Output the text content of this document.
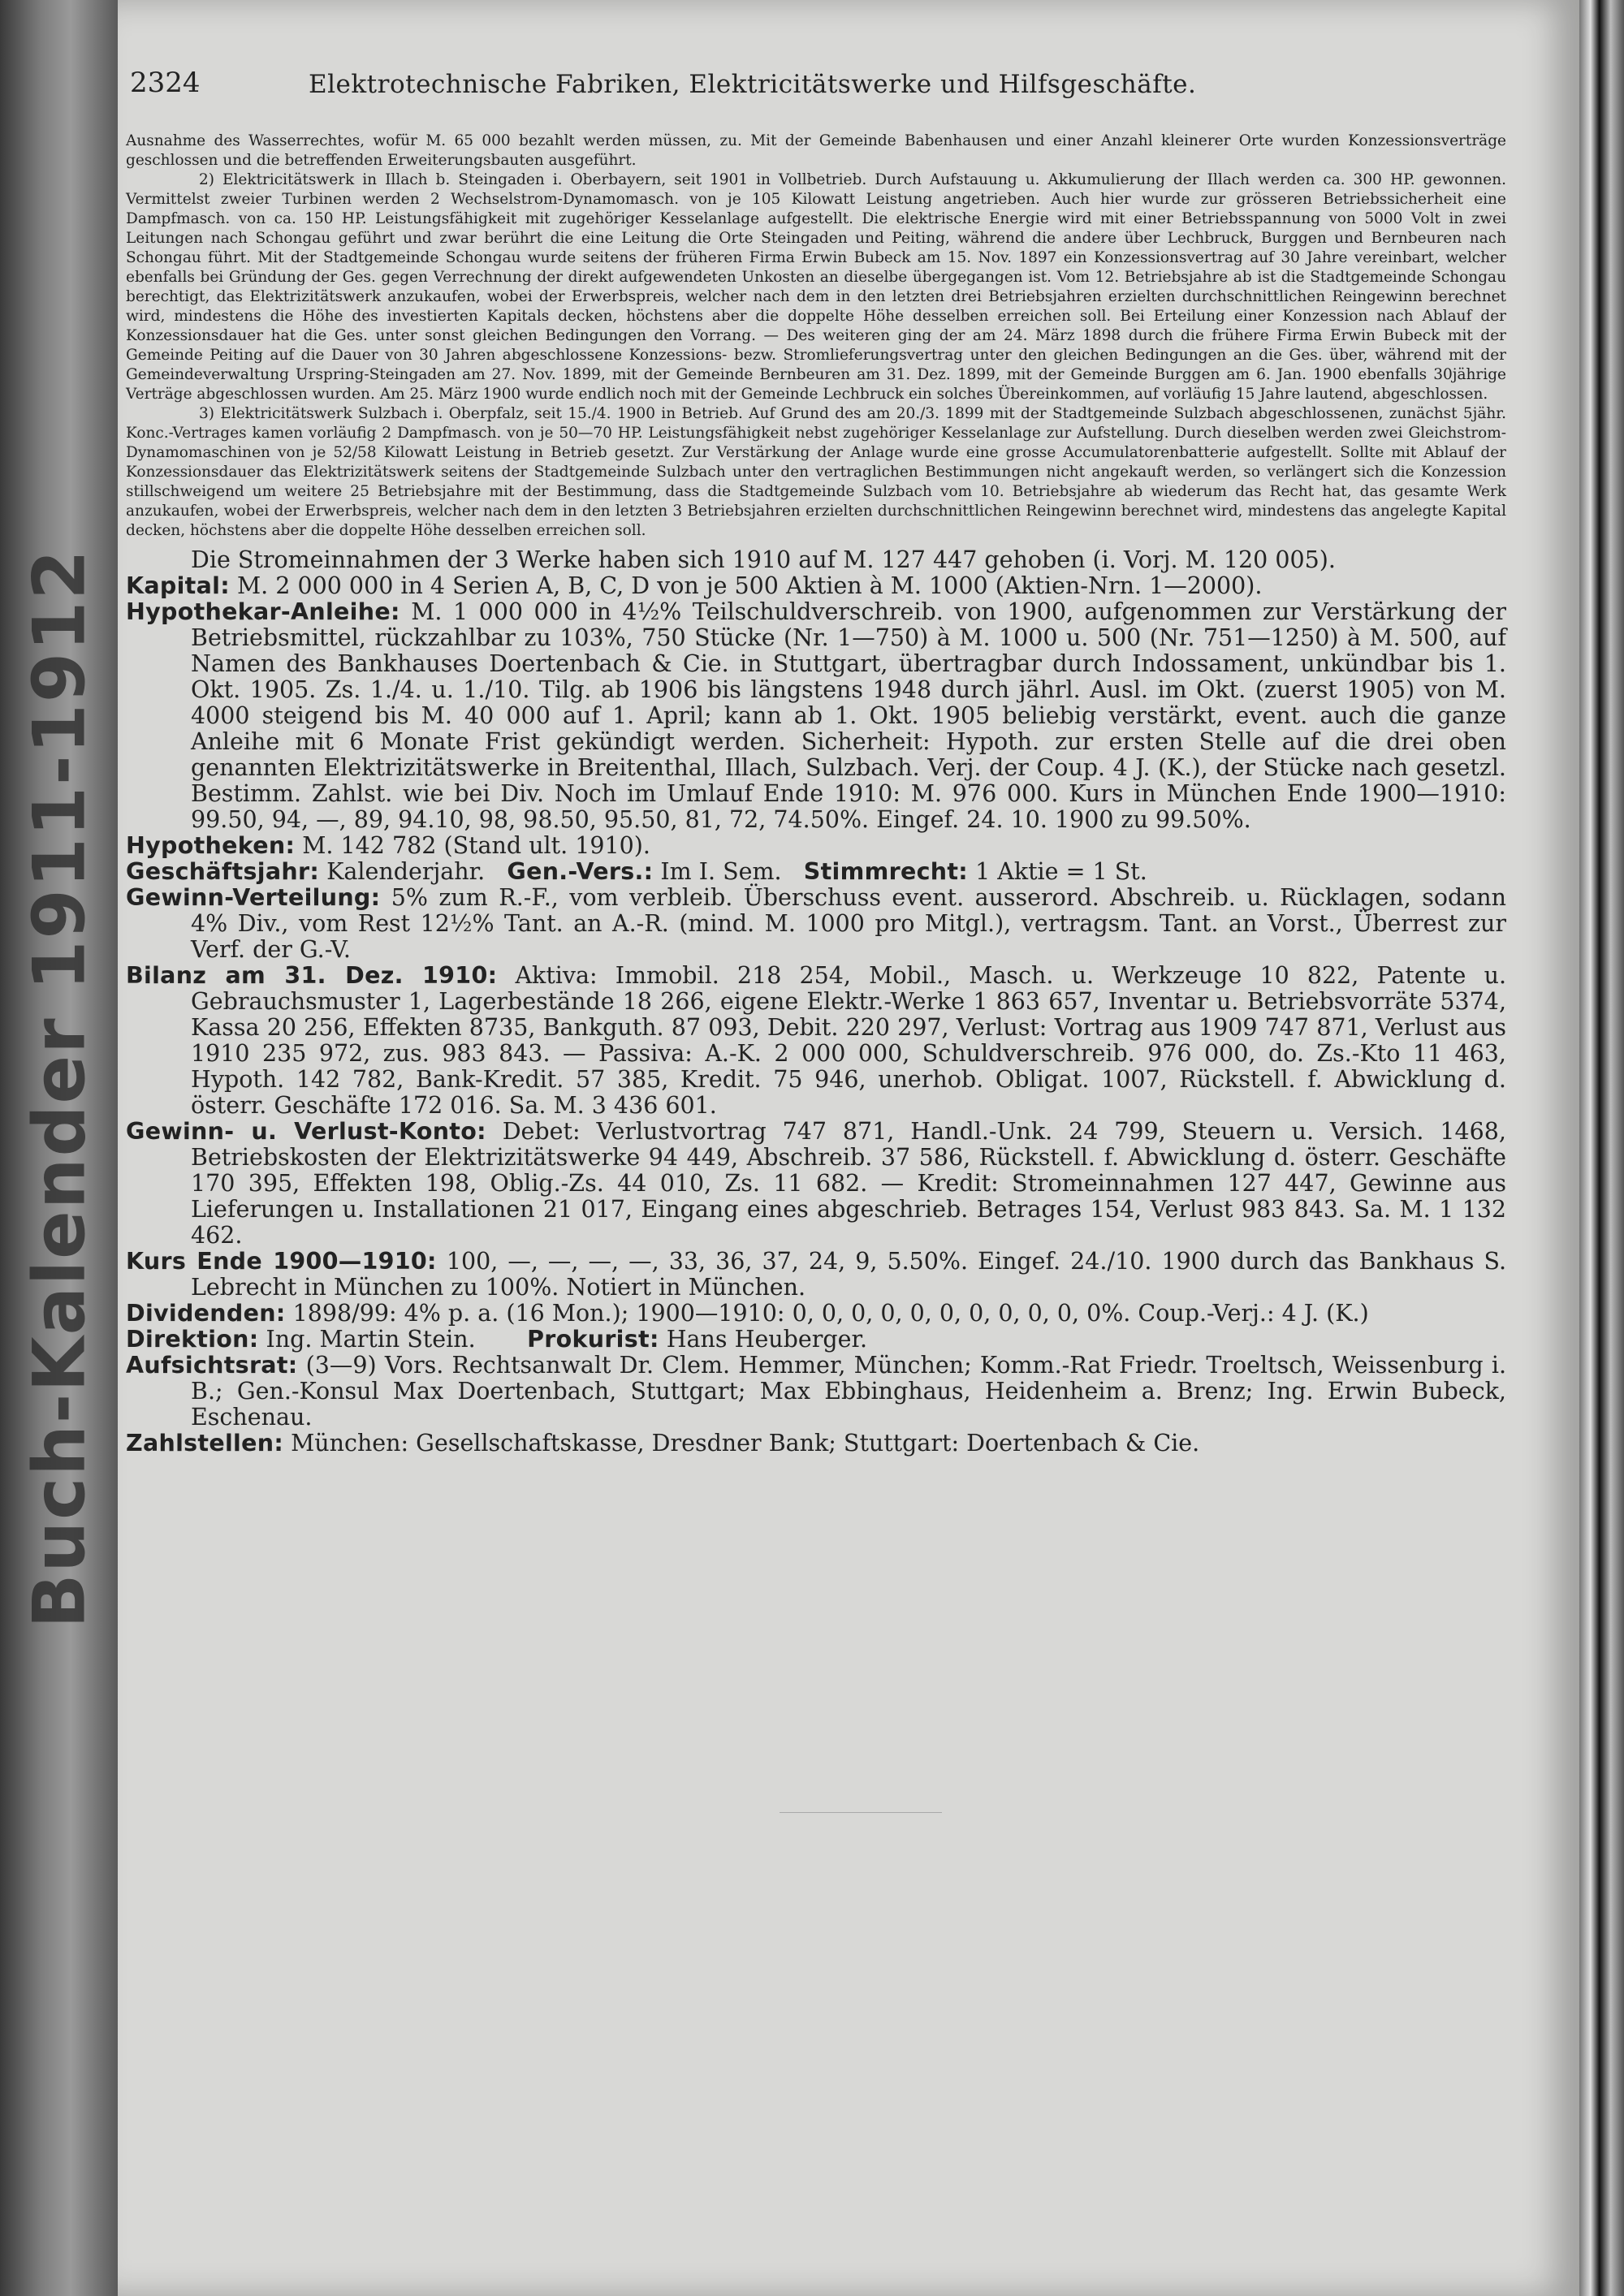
Buch-Kalender 1911-1912
2324	Elektrotechnische Fabriken, Elektricitätswerke und Hilfsgeschäfte.

Ausnahme des Wasserrechtes, wofür M. 65 000 bezahlt werden müssen, zu. Mit der Gemeinde Babenhausen und einer Anzahl kleinerer Orte wurden Konzessionsverträge geschlossen und die betreffenden Erweiterungsbauten ausgeführt.

2) Elektricitätswerk in Illach b. Steingaden i. Oberbayern, seit 1901 in Vollbetrieb. Durch Aufstauung u. Akkumulierung der Illach werden ca. 300 HP. gewonnen. Vermittelst zweier Turbinen werden 2 Wechselstrom-Dynamomasch. von je 105 Kilowatt Leistung angetrieben. Auch hier wurde zur grösseren Betriebssicherheit eine Dampfmasch. von ca. 150 HP. Leistungsfähigkeit mit zugehöriger Kesselanlage aufgestellt. Die elektrische Energie wird mit einer Betriebsspannung von 5000 Volt in zwei Leitungen nach Schongau geführt und zwar berührt die eine Leitung die Orte Steingaden und Peiting, während die andere über Lechbruck, Burggen und Bernbeuren nach Schongau führt. Mit der Stadtgemeinde Schongau wurde seitens der früheren Firma Erwin Bubeck am 15. Nov. 1897 ein Konzessionsvertrag auf 30 Jahre vereinbart, welcher ebenfalls bei Gründung der Ges. gegen Verrechnung der direkt aufgewendeten Unkosten an dieselbe übergegangen ist. Vom 12. Betriebsjahre ab ist die Stadtgemeinde Schongau berechtigt, das Elektrizitätswerk anzukaufen, wobei der Erwerbspreis, welcher nach dem in den letzten drei Betriebsjahren erzielten durchschnittlichen Reingewinn berechnet wird, mindestens die Höhe des investierten Kapitals decken, höchstens aber die doppelte Höhe desselben erreichen soll. Bei Erteilung einer Konzession nach Ablauf der Konzessionsdauer hat die Ges. unter sonst gleichen Bedingungen den Vorrang. — Des weiteren ging der am 24. März 1898 durch die frühere Firma Erwin Bubeck mit der Gemeinde Peiting auf die Dauer von 30 Jahren abgeschlossene Konzessions- bezw. Stromlieferungsvertrag unter den gleichen Bedingungen an die Ges. über, während mit der Gemeindeverwaltung Urspring-Steingaden am 27. Nov. 1899, mit der Gemeinde Bernbeuren am 31. Dez. 1899, mit der Gemeinde Burggen am 6. Jan. 1900 ebenfalls 30jährige Verträge abgeschlossen wurden. Am 25. März 1900 wurde endlich noch mit der Gemeinde Lechbruck ein solches Übereinkommen, auf vorläufig 15 Jahre lautend, abgeschlossen.

3) Elektricitätswerk Sulzbach i. Oberpfalz, seit 15./4. 1900 in Betrieb. Auf Grund des am 20./3. 1899 mit der Stadtgemeinde Sulzbach abgeschlossenen, zunächst 5jähr. Konc.-Vertrages kamen vorläufig 2 Dampfmasch. von je 50—70 HP. Leistungsfähigkeit nebst zugehöriger Kesselanlage zur Aufstellung. Durch dieselben werden zwei Gleichstrom-Dynamomaschinen von je 52/58 Kilowatt Leistung in Betrieb gesetzt. Zur Verstärkung der Anlage wurde eine grosse Accumulatorenbatterie aufgestellt. Sollte mit Ablauf der Konzessionsdauer das Elektrizitätswerk seitens der Stadtgemeinde Sulzbach unter den vertraglichen Bestimmungen nicht angekauft werden, so verlängert sich die Konzession stillschweigend um weitere 25 Betriebsjahre mit der Bestimmung, dass die Stadtgemeinde Sulzbach vom 10. Betriebsjahre ab wiederum das Recht hat, das gesamte Werk anzukaufen, wobei der Erwerbspreis, welcher nach dem in den letzten 3 Betriebsjahren erzielten durchschnittlichen Reingewinn berechnet wird, mindestens das angelegte Kapital decken, höchstens aber die doppelte Höhe desselben erreichen soll.

Die Stromeinnahmen der 3 Werke haben sich 1910 auf M. 127 447 gehoben (i. Vorj. M. 120 005).

Kapital: M. 2 000 000 in 4 Serien A, B, C, D von je 500 Aktien à M. 1000 (Aktien-Nrn. 1—2000).

Hypothekar-Anleihe: M. 1 000 000 in 4½% Teilschuldverschreib. von 1900, aufgenommen zur Verstärkung der Betriebsmittel, rückzahlbar zu 103%, 750 Stücke (Nr. 1—750) à M. 1000 u. 500 (Nr. 751—1250) à M. 500, auf Namen des Bankhauses Doertenbach & Cie. in Stuttgart, übertragbar durch Indossament, unkündbar bis 1. Okt. 1905. Zs. 1./4. u. 1./10. Tilg. ab 1906 bis längstens 1948 durch jährl. Ausl. im Okt. (zuerst 1905) von M. 4000 steigend bis M. 40 000 auf 1. April; kann ab 1. Okt. 1905 beliebig verstärkt, event. auch die ganze Anleihe mit 6 Monate Frist gekündigt werden. Sicherheit: Hypoth. zur ersten Stelle auf die drei oben genannten Elektrizitätswerke in Breitenthal, Illach, Sulzbach. Verj. der Coup. 4 J. (K.), der Stücke nach gesetzl. Bestimm. Zahlst. wie bei Div. Noch im Umlauf Ende 1910: M. 976 000. Kurs in München Ende 1900—1910: 99.50, 94, —, 89, 94.10, 98, 98.50, 95.50, 81, 72, 74.50%. Eingef. 24. 10. 1900 zu 99.50%.

Hypotheken: M. 142 782 (Stand ult. 1910).

Geschäftsjahr: Kalenderjahr. Gen.-Vers.: Im I. Sem. Stimmrecht: 1 Aktie = 1 St.

Gewinn-Verteilung: 5% zum R.-F., vom verbleib. Überschuss event. ausserord. Abschreib. u. Rücklagen, sodann 4% Div., vom Rest 12½% Tant. an A.-R. (mind. M. 1000 pro Mitgl.), vertragsm. Tant. an Vorst., Überrest zur Verf. der G.-V.

Bilanz am 31. Dez. 1910: Aktiva: Immobil. 218 254, Mobil., Masch. u. Werkzeuge 10 822, Patente u. Gebrauchsmuster 1, Lagerbestände 18 266, eigene Elektr.-Werke 1 863 657, Inventar u. Betriebsvorräte 5374, Kassa 20 256, Effekten 8735, Bankguth. 87 093, Debit. 220 297, Verlust: Vortrag aus 1909 747 871, Verlust aus 1910 235 972, zus. 983 843. — Passiva: A.-K. 2 000 000, Schuldverschreib. 976 000, do. Zs.-Kto 11 463, Hypoth. 142 782, Bank-Kredit. 57 385, Kredit. 75 946, unerhob. Obligat. 1007, Rückstell. f. Abwicklung d. österr. Geschäfte 172 016. Sa. M. 3 436 601.

Gewinn- u. Verlust-Konto: Debet: Verlustvortrag 747 871, Handl.-Unk. 24 799, Steuern u. Versich. 1468, Betriebskosten der Elektrizitätswerke 94 449, Abschreib. 37 586, Rückstell. f. Abwicklung d. österr. Geschäfte 170 395, Effekten 198, Oblig.-Zs. 44 010, Zs. 11 682. — Kredit: Stromeinnahmen 127 447, Gewinne aus Lieferungen u. Installationen 21 017, Eingang eines abgeschrieb. Betrages 154, Verlust 983 843. Sa. M. 1 132 462.

Kurs Ende 1900—1910: 100, —, —, —, —, 33, 36, 37, 24, 9, 5.50%. Eingef. 24./10. 1900 durch das Bankhaus S. Lebrecht in München zu 100%. Notiert in München.

Dividenden: 1898/99: 4% p. a. (16 Mon.); 1900—1910: 0, 0, 0, 0, 0, 0, 0, 0, 0, 0, 0%. Coup.-Verj.: 4 J. (K.)

Direktion: Ing. Martin Stein. Prokurist: Hans Heuberger.

Aufsichtsrat: (3—9) Vors. Rechtsanwalt Dr. Clem. Hemmer, München; Komm.-Rat Friedr. Troeltsch, Weissenburg i. B.; Gen.-Konsul Max Doertenbach, Stuttgart; Max Ebbinghaus, Heidenheim a. Brenz; Ing. Erwin Bubeck, Eschenau.

Zahlstellen: München: Gesellschaftskasse, Dresdner Bank; Stuttgart: Doertenbach & Cie.
